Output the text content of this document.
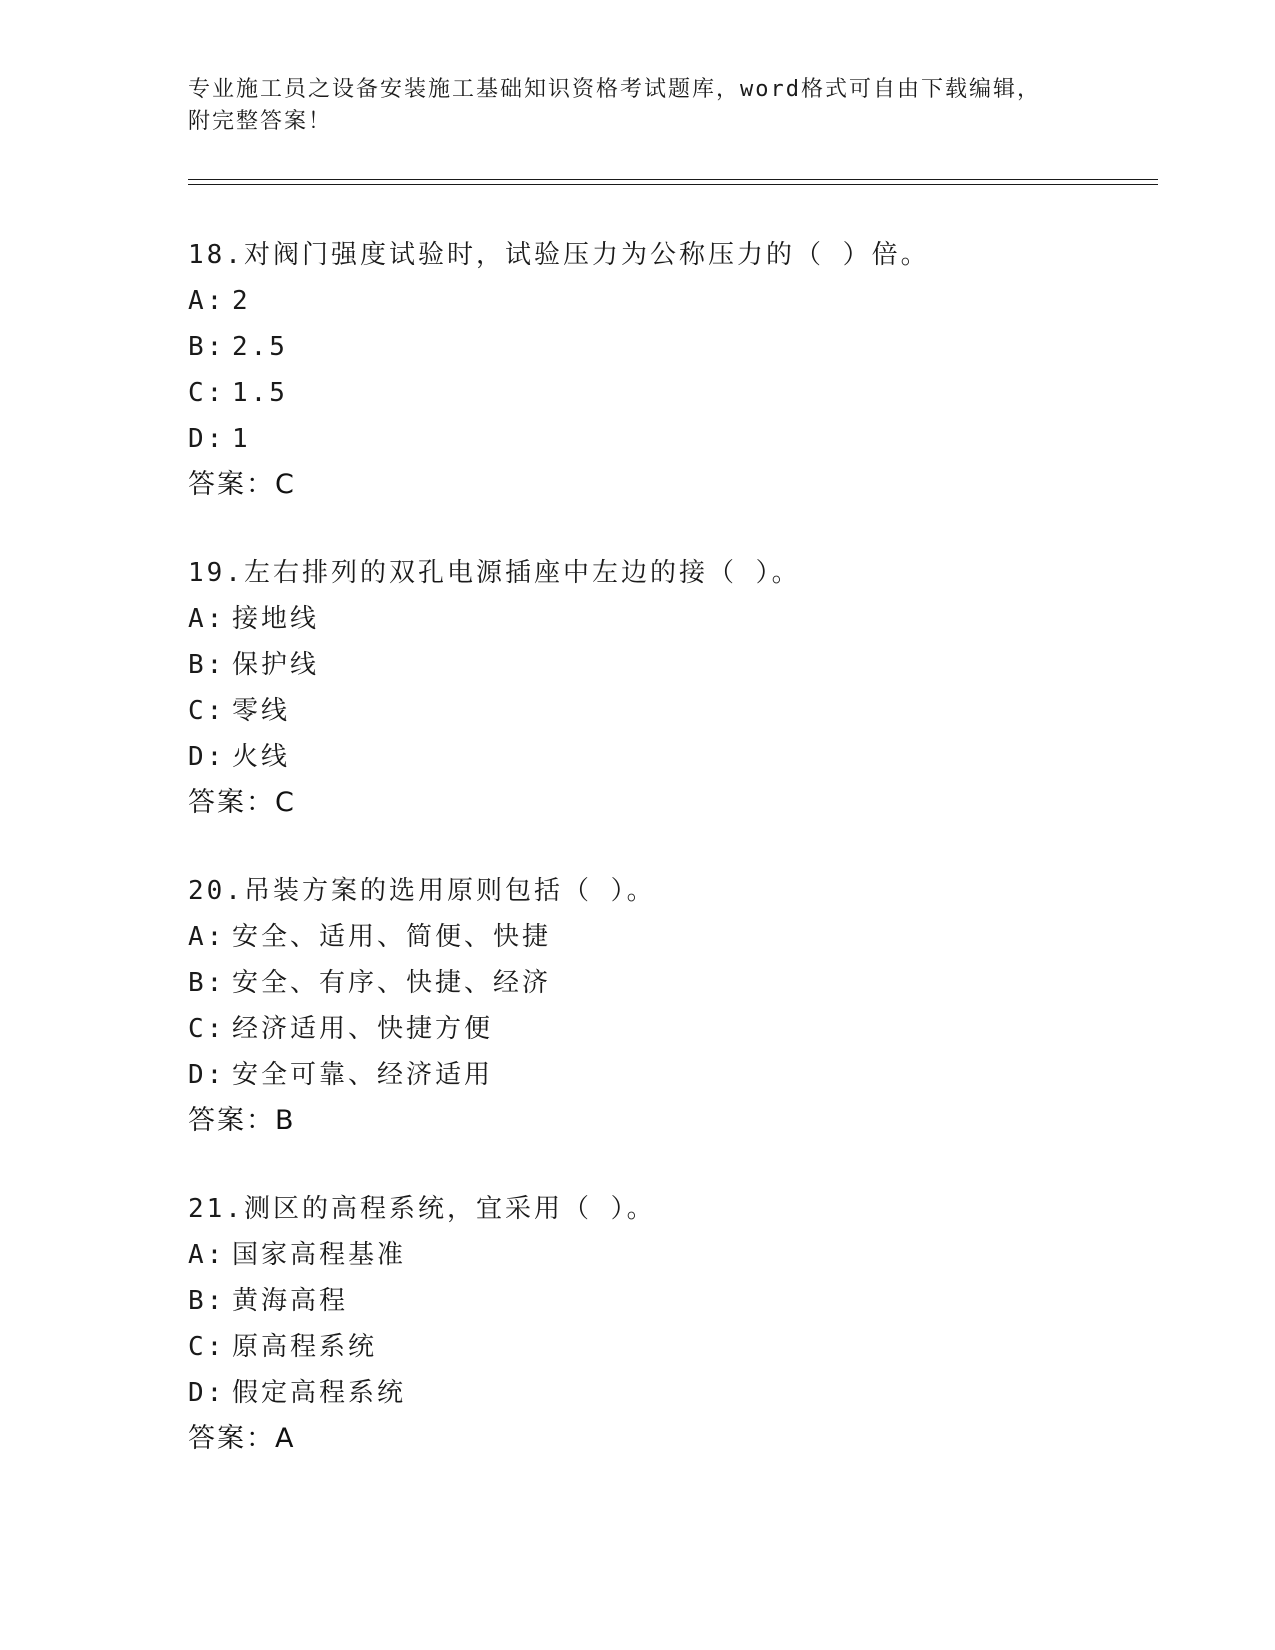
专业施工员之设备安装施工基础知识资格考试题库，word格式可自由下载编辑，
附完整答案！
18.对阀门强度试验时，试验压力为公称压力的（ ）倍。
A: 2
B: 2.5
C: 1.5
D: 1
答案：C
19.左右排列的双孔电源插座中左边的接（ ）。
A: 接地线
B: 保护线
C: 零线
D: 火线
答案：C
20.吊装方案的选用原则包括（ ）。
A: 安全、适用、简便、快捷
B: 安全、有序、快捷、经济
C: 经济适用、快捷方便
D: 安全可靠、经济适用
答案：B
21.测区的高程系统，宜采用（ ）。
A: 国家高程基准
B: 黄海高程
C: 原高程系统
D: 假定高程系统
答案：A
